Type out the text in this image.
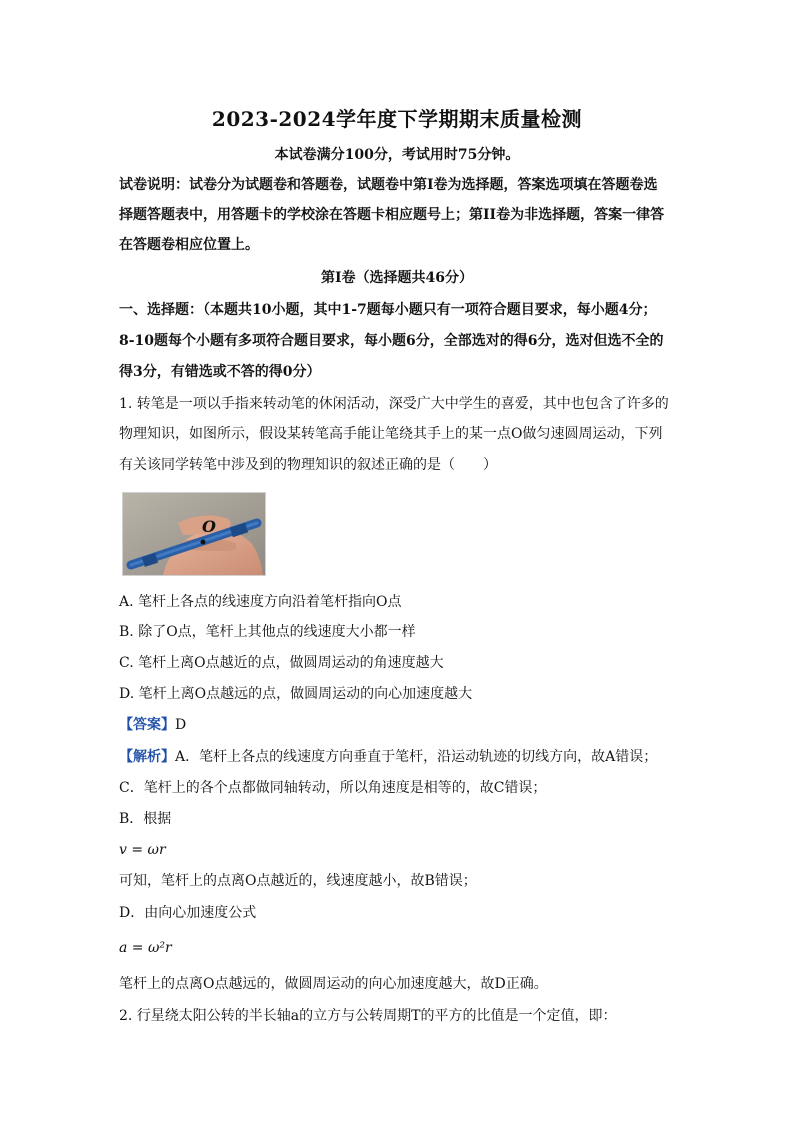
2023-2024学年度下学期期末质量检测
本试卷满分100分，考试用时75分钟。
试卷说明：试卷分为试题卷和答题卷，试题卷中第Ⅰ卷为选择题，答案选项填在答题卷选
择题答题表中，用答题卡的学校涂在答题卡相应题号上；第II卷为非选择题，答案一律答
在答题卷相应位置上。
第Ⅰ卷（选择题共46分）
一、选择题：（本题共10小题，其中1-7题每小题只有一项符合题目要求，每小题4分；
8-10题每个小题有多项符合题目要求，每小题6分，全部选对的得6分，选对但选不全的
得3分，有错选或不答的得0分）
1. 转笔是一项以手指来转动笔的休闲活动，深受广大中学生的喜爱，其中也包含了许多的
物理知识，如图所示，假设某转笔高手能让笔绕其手上的某一点O做匀速圆周运动，下列
有关该同学转笔中涉及到的物理知识的叙述正确的是（　　）
O
A. 笔杆上各点的线速度方向沿着笔杆指向O点
B. 除了O点，笔杆上其他点的线速度大小都一样
C. 笔杆上离O点越近的点，做圆周运动的角速度越大
D. 笔杆上离O点越远的点，做圆周运动的向心加速度越大
【答案】D
【解析】A．笔杆上各点的线速度方向垂直于笔杆，沿运动轨迹的切线方向，故A错误；
C．笔杆上的各个点都做同轴转动，所以角速度是相等的，故C错误；
B．根据
v = ωr
可知，笔杆上的点离O点越近的，线速度越小，故B错误；
D．由向心加速度公式
a = ω²r
笔杆上的点离O点越远的，做圆周运动的向心加速度越大，故D正确。
2. 行星绕太阳公转的半长轴a的立方与公转周期T的平方的比值是一个定值，即：
